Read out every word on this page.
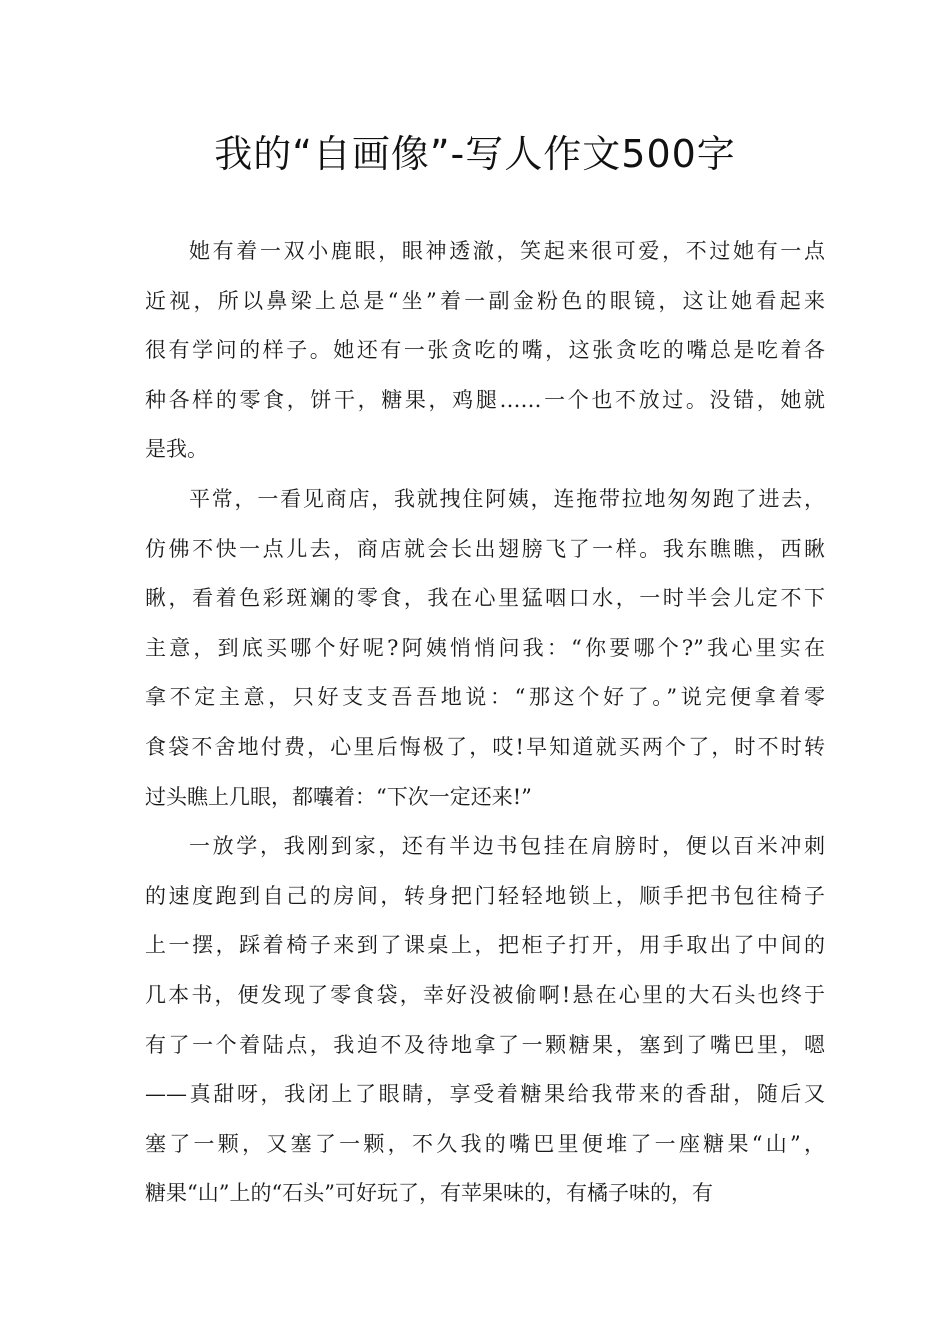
我的“自画像”-写人作文500字

她有着一双小鹿眼，眼神透澈，笑起来很可爱，不过她有一点
近视，所以鼻梁上总是“坐”着一副金粉色的眼镜，这让她看起来
很有学问的样子。她还有一张贪吃的嘴，这张贪吃的嘴总是吃着各
种各样的零食，饼干，糖果，鸡腿……一个也不放过。没错，她就
是我。

平常，一看见商店，我就拽住阿姨，连拖带拉地匆匆跑了进去，
仿佛不快一点儿去，商店就会长出翅膀飞了一样。我东瞧瞧，西瞅
瞅，看着色彩斑斓的零食，我在心里猛咽口水，一时半会儿定不下
主意，到底买哪个好呢?阿姨悄悄问我：“你要哪个?”我心里实在
拿不定主意，只好支支吾吾地说：“那这个好了。”说完便拿着零
食袋不舍地付费，心里后悔极了，哎!早知道就买两个了，时不时转
过头瞧上几眼，都囔着：“下次一定还来!”

一放学，我刚到家，还有半边书包挂在肩膀时，便以百米冲刺
的速度跑到自己的房间，转身把门轻轻地锁上，顺手把书包往椅子
上一摆，踩着椅子来到了课桌上，把柜子打开，用手取出了中间的
几本书，便发现了零食袋，幸好没被偷啊!悬在心里的大石头也终于
有了一个着陆点，我迫不及待地拿了一颗糖果，塞到了嘴巴里，嗯
——真甜呀，我闭上了眼睛，享受着糖果给我带来的香甜，随后又
塞了一颗，又塞了一颗，不久我的嘴巴里便堆了一座糖果“山”，
糖果“山”上的“石头”可好玩了，有苹果味的，有橘子味的，有
